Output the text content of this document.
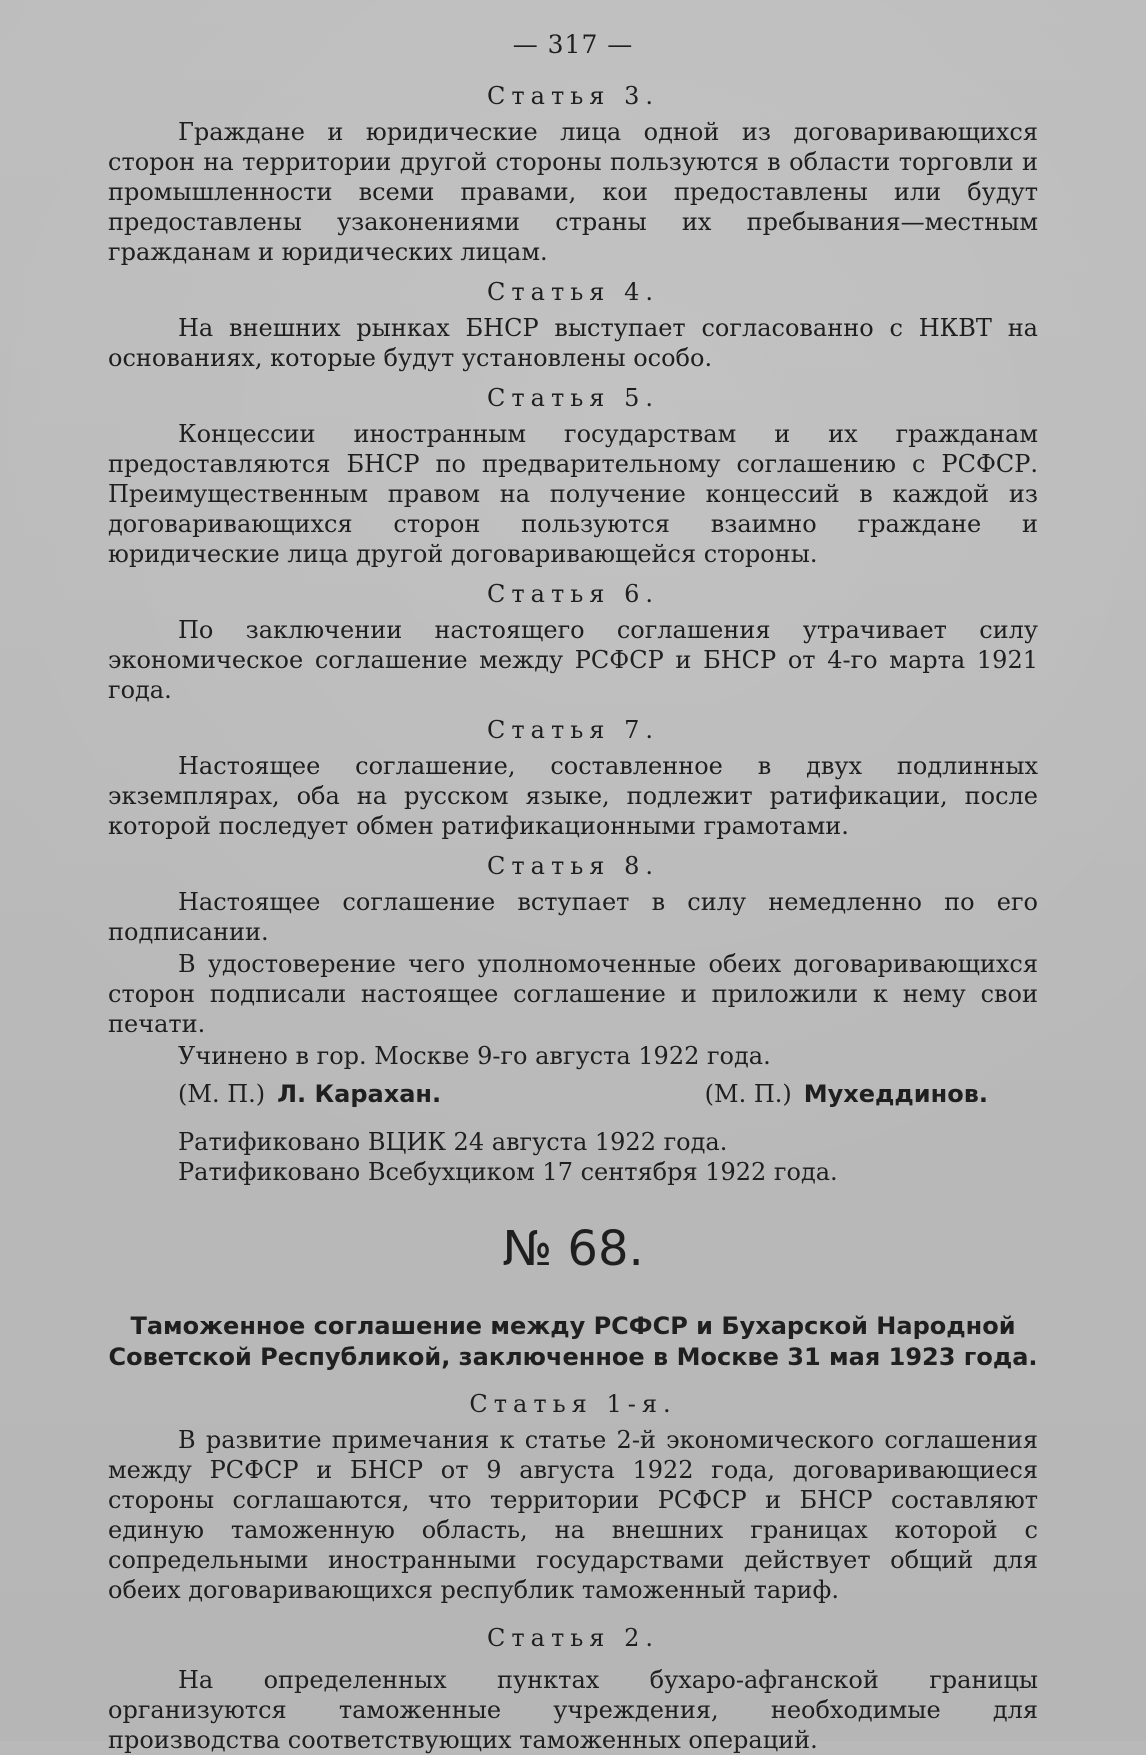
— 317 —
Статья 3.

Граждане и юридические лица одной из договаривающихся сторон на территории другой стороны пользуются в области торговли и промышленности всеми правами, кои предоставлены или будут предоставлены узаконениями страны их пребывания—местным гражданам и юридических лицам.

Статья 4.

На внешних рынках БНСР выступает согласованно с НКВТ на основаниях, которые будут установлены особо.

Статья 5.

Концессии иностранным государствам и их гражданам предоставляются БНСР по предварительному соглашению с РСФСР. Преимущественным правом на получение концессий в каждой из договаривающихся сторон пользуются взаимно граждане и юридические лица другой договаривающейся стороны.

Статья 6.

По заключении настоящего соглашения утрачивает силу экономическое соглашение между РСФСР и БНСР от 4-го марта 1921 года.

Статья 7.

Настоящее соглашение, составленное в двух подлинных экземплярах, оба на русском языке, подлежит ратификации, после которой последует обмен ратификационными грамотами.

Статья 8.

Настоящее соглашение вступает в силу немедленно по его подписании.

В удостоверение чего уполномоченные обеих договаривающихся сторон подписали настоящее соглашение и приложили к нему свои печати.

Учинено в гор. Москве 9-го августа 1922 года.
(М. П.) Л. Карахан.	(М. П.) Мухеддинов.
Ратификовано ВЦИК 24 августа 1922 года.
Ратификовано Всебухциком 17 сентября 1922 года.
№ 68.
Таможенное соглашение между РСФСР и Бухарской Народной Советской Республикой, заключенное в Москве 31 мая 1923 года.
Статья 1-я.

В развитие примечания к статье 2-й экономического соглашения между РСФСР и БНСР от 9 августа 1922 года, договаривающиеся стороны соглашаются, что территории РСФСР и БНСР составляют единую таможенную область, на внешних границах которой с сопредельными иностранными государствами действует общий для обеих договаривающихся республик таможенный тариф.

Статья 2.

На определенных пунктах бухаро-афганской границы организуются таможенные учреждения, необходимые для производства соответствующих таможенных операций.
